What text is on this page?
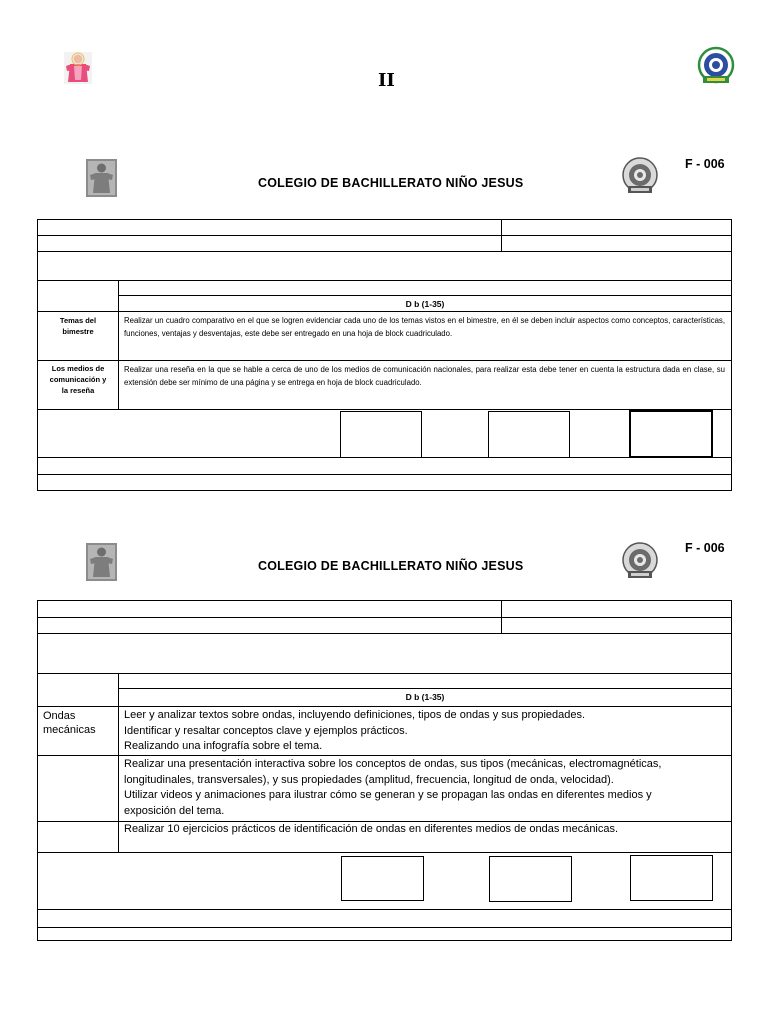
II
COLEGIO DE BACHILLERATO NIÑO JESUS
F - 006
D b (1-35)
Temas del
bimestre
Realizar un cuadro comparativo en el que se logren evidenciar cada uno de los temas vistos en el bimestre, en él se deben incluir aspectos como conceptos, características, funciones, ventajas y desventajas, este debe ser entregado en una hoja de block cuadriculado.
Los medios de
comunicación y
la reseña
Realizar una reseña en la que se hable a cerca de uno de los medios de comunicación nacionales, para realizar esta debe tener en cuenta la estructura dada en clase, su extensión debe ser mínimo de una página y se entrega en hoja de block cuadriculado.
COLEGIO DE BACHILLERATO NIÑO JESUS
F - 006
D b (1-35)
Ondas
mecánicas
Leer y analizar textos sobre ondas, incluyendo definiciones, tipos de ondas y sus propiedades.
Identificar y resaltar conceptos clave y ejemplos prácticos.
Realizando una infografía sobre el tema.
Realizar una presentación interactiva sobre los conceptos de ondas, sus tipos (mecánicas, electromagnéticas,
longitudinales, transversales), y sus propiedades (amplitud, frecuencia, longitud de onda, velocidad).
Utilizar videos y animaciones para ilustrar cómo se generan y se propagan las ondas en diferentes medios y
exposición del tema.
Realizar 10 ejercicios prácticos de identificación de ondas en diferentes medios de ondas mecánicas.
